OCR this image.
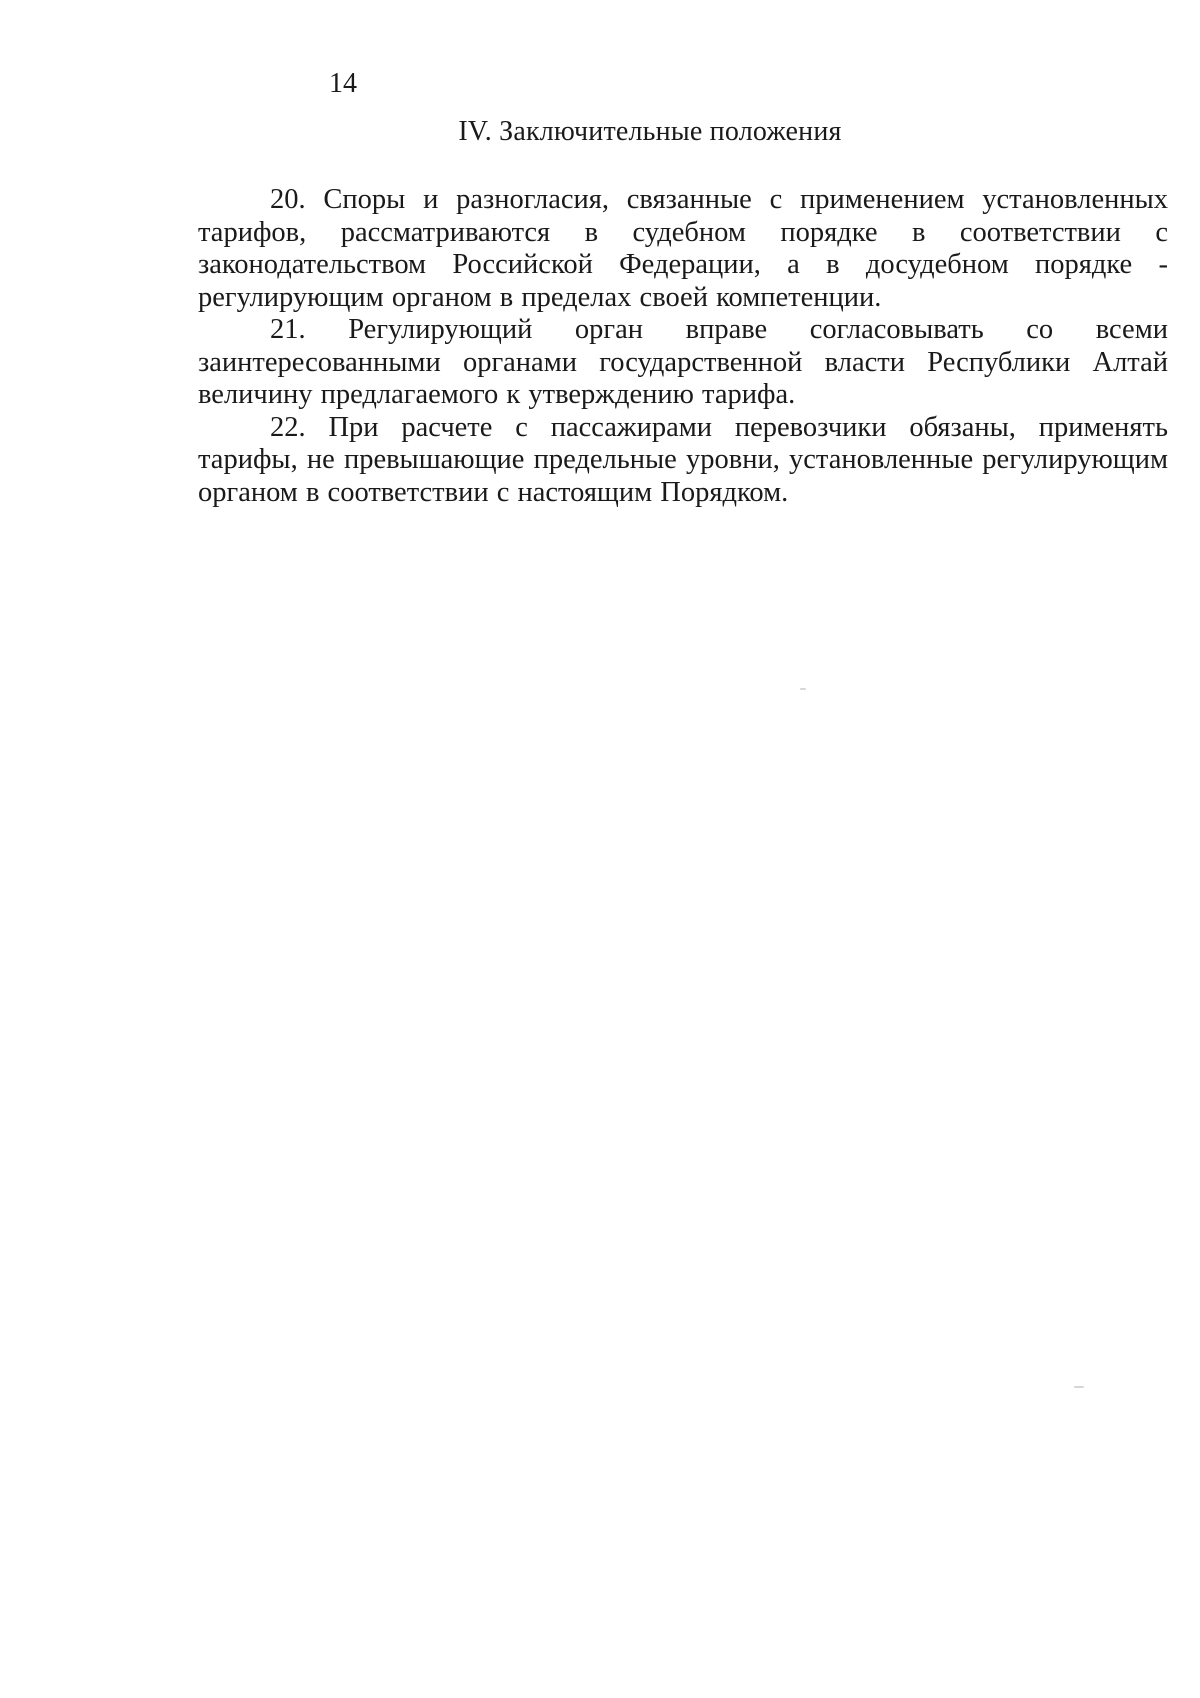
14
IV. Заключительные положения

20. Споры и разногласия, связанные с применением установленных тарифов, рассматриваются в судебном порядке в соответствии с законодательством Российской Федерации, а в досудебном порядке - регулирующим органом в пределах своей компетенции.

21. Регулирующий орган вправе согласовывать со всеми заинтересованными органами государственной власти Республики Алтай величину предлагаемого к утверждению тарифа.

22. При расчете с пассажирами перевозчики обязаны, применять тарифы, не превышающие предельные уровни, установленные регулирующим органом в соответствии с настоящим Порядком.
